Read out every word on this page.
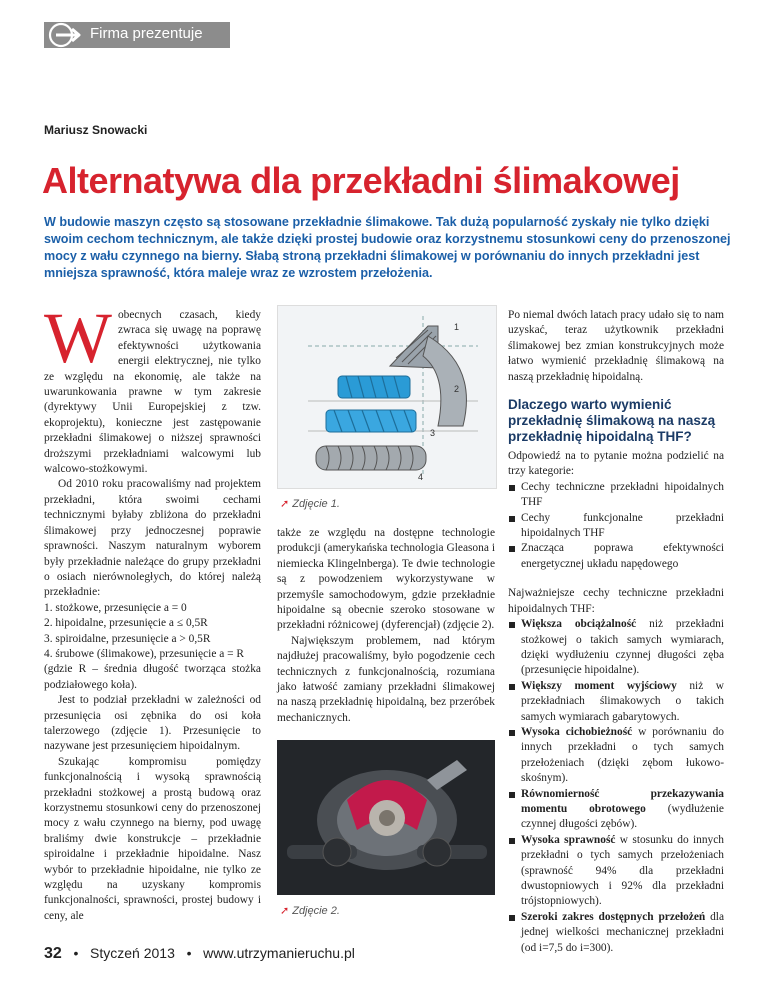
Firma prezentuje
Mariusz Snowacki
Alternatywa dla przekładni ślimakowej
W budowie maszyn często są stosowane przekładnie ślimakowe. Tak dużą popularność zyskały nie tylko dzięki swoim cechom technicznym, ale także dzięki prostej budowie oraz korzystnemu stosunkowi ceny do przenoszonej mocy z wału czynnego na bierny. Słabą stroną przekładni ślimakowej w porównaniu do innych przekładni jest mniejsza sprawność, która maleje wraz ze wzrostem przełożenia.
W obecnych czasach, kiedy zwraca się uwagę na poprawę efektywności użytkowania energii elektrycznej, nie tylko ze względu na ekonomię, ale także na uwarunkowania prawne w tym zakresie (dyrektywy Unii Europejskiej z tzw. ekoprojektu), konieczne jest zastępowanie przekładni ślimakowej o niższej sprawności droższymi przekładniami walcowymi lub walcowo-stożkowymi.

Od 2010 roku pracowaliśmy nad projektem przekładni, która swoimi cechami technicznymi byłaby zbliżona do przekładni ślimakowej przy jednoczesnej poprawie sprawności. Naszym naturalnym wyborem były przekładnie należące do grupy przekładni o osiach nierównoległych, do której należą przekładnie:

1. stożkowe, przesunięcie a = 0
2. hipoidalne, przesunięcie a ≤ 0,5R
3. spiroidalne, przesunięcie a > 0,5R
4. śrubowe (ślimakowe), przesunięcie a = R

(gdzie R – średnia długość tworząca stożka podziałowego koła).

Jest to podział przekładni w zależności od przesunięcia osi zębnika do osi koła talerzowego (zdjęcie 1). Przesunięcie to nazywane jest przesunięciem hipoidalnym.

Szukając kompromisu pomiędzy funkcjonalnością i wysoką sprawnością przekładni stożkowej a prostą budową oraz korzystnemu stosunkowi ceny do przenoszonej mocy z wału czynnego na bierny, pod uwagę braliśmy dwie konstrukcje – przekładnie spiroidalne i przekładnie hipoidalne. Nasz wybór to przekładnie hipoidalne, nie tylko ze względu na uzyskany kompromis funkcjonalności, sprawności, prostej budowy i ceny, ale

1
2
3
4
➚ Zdjęcie 1.

także ze względu na dostępne technologie produkcji (amerykańska technologia Gleasona i niemiecka Klingelnberga). Te dwie technologie są z powodzeniem wykorzystywane w przemyśle samochodowym, gdzie przekładnie hipoidalne są obecnie szeroko stosowane w przekładni różnicowej (dyferencjał) (zdjęcie 2).

Największym problemem, nad którym najdłużej pracowaliśmy, było pogodzenie cech technicznych z funkcjonalnością, rozumiana jako łatwość zamiany przekładni ślimakowej na naszą przekładnię hipoidalną, bez przeróbek mechanicznych.

➚ Zdjęcie 2.

Po niemal dwóch latach pracy udało się to nam uzyskać, teraz użytkownik przekładni ślimakowej bez zmian konstrukcyjnych może łatwo wymienić przekładnię ślimakową na naszą przekładnię hipoidalną.

Dlaczego warto wymienić przekładnię ślimakową na naszą przekładnię hipoidalną THF?

Odpowiedź na to pytanie można podzielić na trzy kategorie:

Cechy techniczne przekładni hipoidalnych THF
Cechy funkcjonalne przekładni hipoidalnych THF
Znacząca poprawa efektywności energetycznej układu napędowego

Najważniejsze cechy techniczne przekładni hipoidalnych THF:

Większa obciążalność niż przekładni stożkowej o takich samych wymiarach, dzięki wydłużeniu czynnej długości zęba (przesunięcie hipoidalne).
Większy moment wyjściowy niż w przekładniach ślimakowych o takich samych wymiarach gabarytowych.
Wysoka cichobieżność w porównaniu do innych przekładni o tych samych przełożeniach (dzięki zębom łukowo-skośnym).
Równomierność przekazywania momentu obrotowego (wydłużenie czynnej długości zębów).
Wysoka sprawność w stosunku do innych przekładni o tych samych przełożeniach (sprawność 94% dla przekładni dwustopniowych i 92% dla przekładni trójstopniowych).
Szeroki zakres dostępnych przełożeń dla jednej wielkości mechanicznej przekładni (od i=7,5 do i=300).
32 • Styczeń 2013 • www.utrzymanieruchu.pl
